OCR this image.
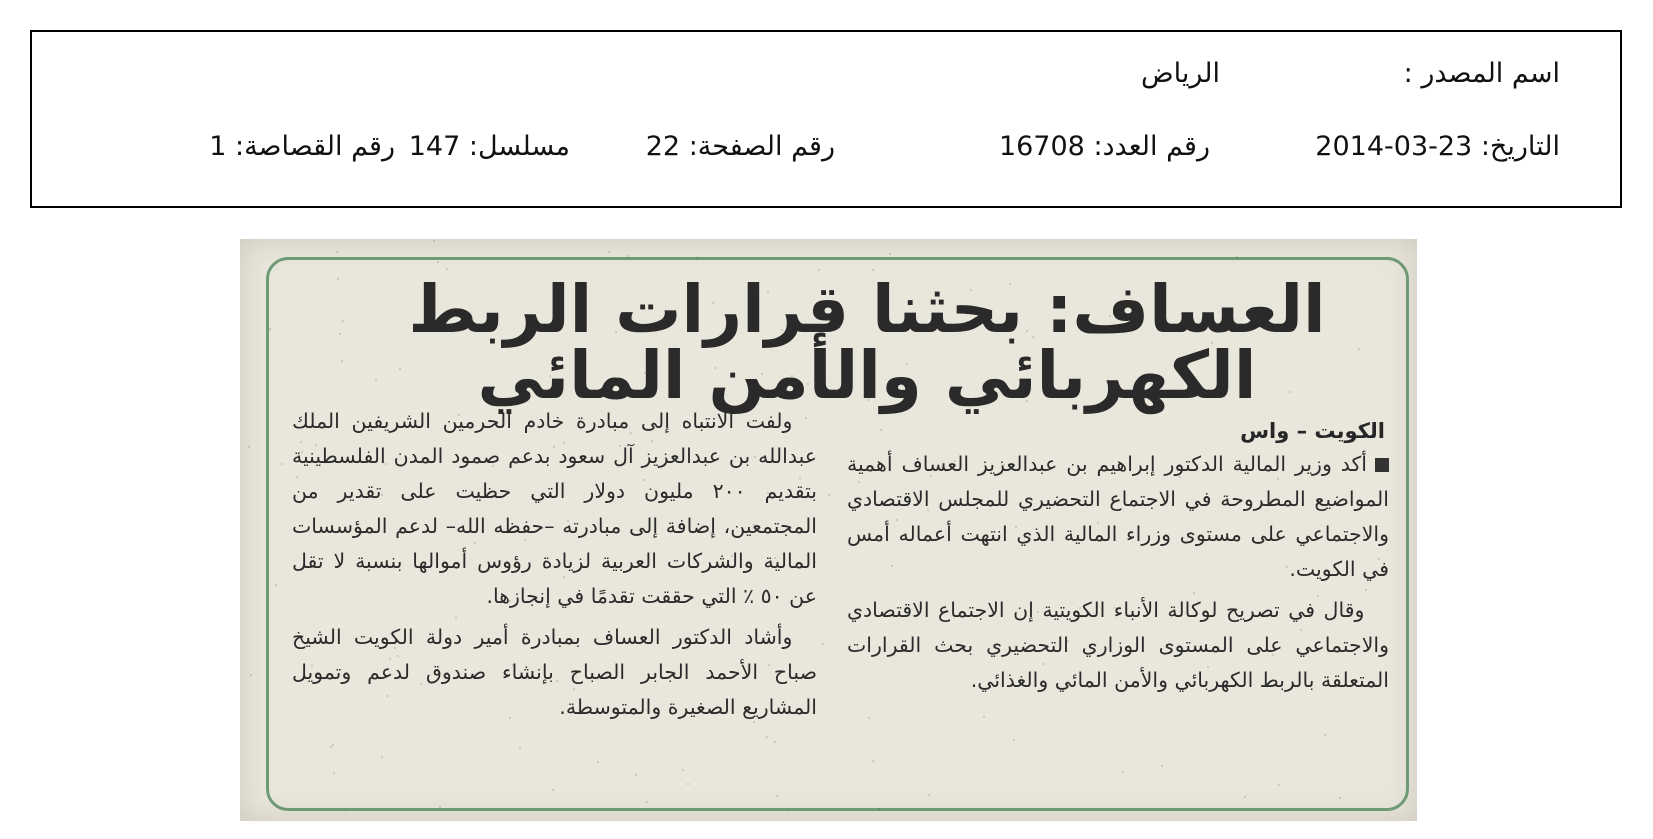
اسم المصدر :
الرياض
التاريخ: 23-03-2014
رقم العدد: 16708
رقم الصفحة: 22
مسلسل: 147
رقم القصاصة: 1
العساف: بحثنا قرارات الربط الكهربائي والأمن المائي
الكويت – واس

أكد وزير المالية الدكتور إبراهيم بن عبدالعزيز العساف أهمية المواضيع المطروحة في الاجتماع التحضيري للمجلس الاقتصادي والاجتماعي على مستوى وزراء المالية الذي انتهت أعماله أمس في الكويت.

وقال في تصريح لوكالة الأنباء الكويتية إن الاجتماع الاقتصادي والاجتماعي على المستوى الوزاري التحضيري بحث القرارات المتعلقة بالربط الكهربائي والأمن المائي والغذائي.

ولفت الانتباه إلى مبادرة خادم الحرمين الشريفين الملك عبدالله بن عبدالعزيز آل سعود بدعم صمود المدن الفلسطينية بتقديم ٢٠٠ مليون دولار التي حظيت على تقدير من المجتمعين، إضافة إلى مبادرته –حفظه الله– لدعم المؤسسات المالية والشركات العربية لزيادة رؤوس أموالها بنسبة لا تقل عن ٥٠ ٪ التي حققت تقدمًا في إنجازها.

وأشاد الدكتور العساف بمبادرة أمير دولة الكويت الشيخ صباح الأحمد الجابر الصباح بإنشاء صندوق لدعم وتمويل المشاريع الصغيرة والمتوسطة.
